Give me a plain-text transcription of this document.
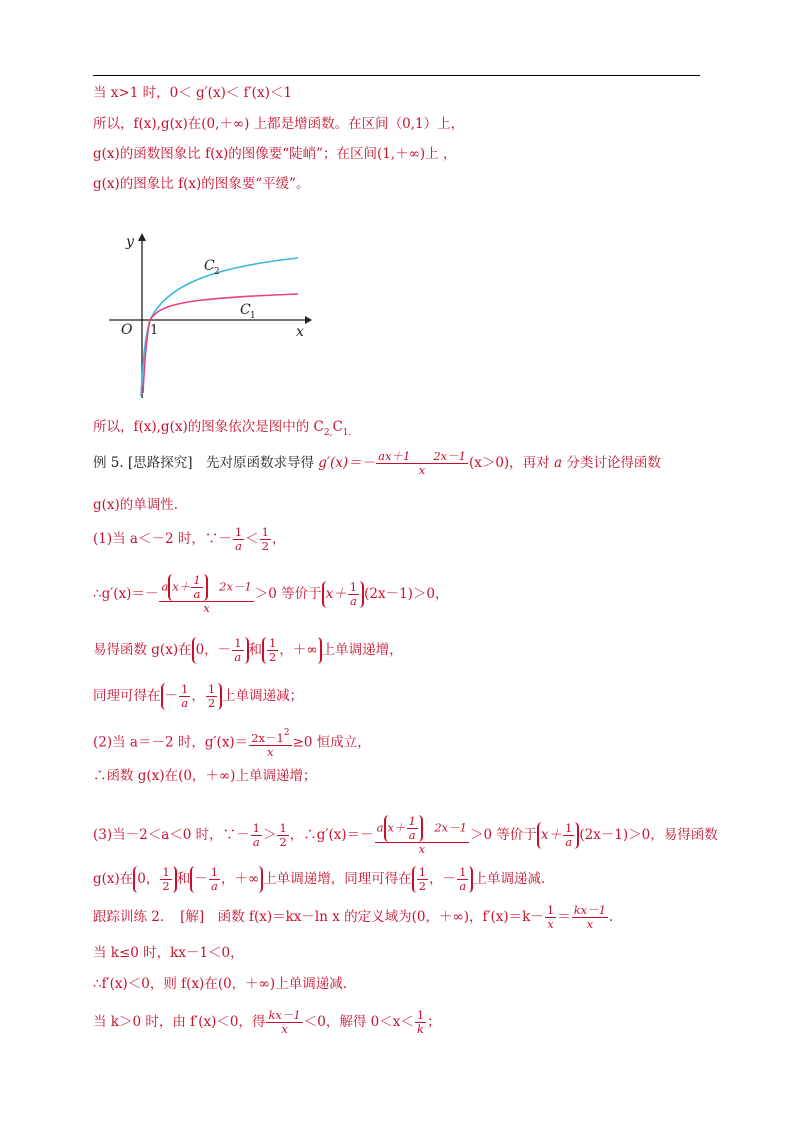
当 x>1 时，0＜ g′(x)＜ f′(x)＜1
所以，f(x),g(x)在(0,＋∞) 上都是增函数。在区间（0,1）上，
g(x)的函数图象比 f(x)的图像要“陡峭”；在区间(1,＋∞)上 ，
g(x)的图象比 f(x)的图象要“平缓”。
y
x
O 1
C 2
C 1
所以，f(x),g(x)的图象依次是图中的 $C_{2,}C_{1.}$
例 5. [思路探究]　先对原函数求导得 $g'(x)=- \frac{ax+1 2x-1}{x} (x>0)$，再对 a 分类讨论得函数
g(x)的单调性．
(1)当 a＜－2 时，∵－ $\frac{1}{a} < \frac{1}{2}$ ，
∴g′(x)＝－ $\frac{a x+ \frac{1}{a} 2x-1}{x} >0$ 等价于 $x+ \frac{1}{a} (2x-1)>0$，
易得函数 g(x)在 0，－ $\frac{1}{a}$ 和 $\frac{1}{2}$ ，＋∞ 上单调递增，
同理可得在 － $\frac{1}{a}$ ， $\frac{1}{2}$ 上单调递减；
(2)当 a＝－2 时，$g'(x)= \frac{2x-1^2}{x} \ge 0$ 恒成立，
∴函数 g(x)在(0，＋∞)上单调递增；
(3)当－2＜a＜0 时，∵－ $\frac{1}{a} > \frac{1}{2}$ ，∴g′(x)＝－ $\frac{a x+ \frac{1}{a} 2x-1}{x} >0$ 等价于 $x+ \frac{1}{a} (2x-1)>0$，易得函数
g(x)在 0， $\frac{1}{2}$ 和 － $\frac{1}{a}$ ，＋∞ 上单调递增，同理可得在 $\frac{1}{2}$ ，－ $\frac{1}{a}$ 上单调递减．
跟踪训练 2．　[解]　函数 f(x)＝kx－ln x 的定义域为(0，＋∞)，$f'(x)=k- \frac{1}{x} = \frac{kx-1}{x}$ .
当 k≤0 时，kx－1＜0，
∴f′(x)＜0，则 f(x)在(0，＋∞)上单调递减．
当 k＞0 时，由 f′(x)＜0，得 $\frac{kx-1}{x} <0$，解得 $0<x< \frac{1}{k}$ ；
